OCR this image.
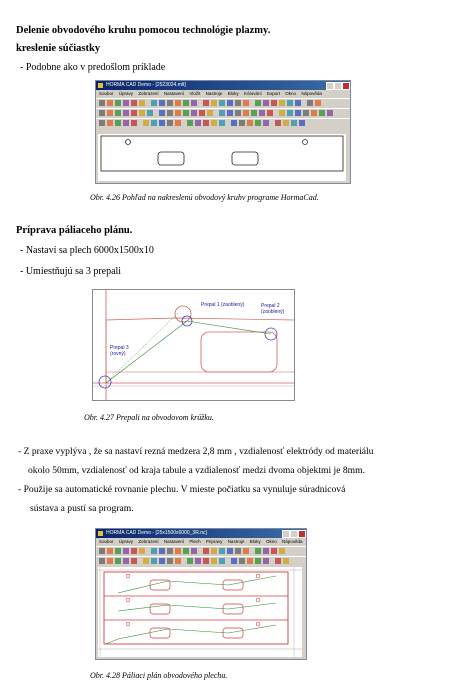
Delenie obvodového kruhu pomocou technológie plazmy.
kreslenie súčiastky
- Podobne ako v predošlom príklade
HORMA CAD Demo - [2523024.mlt]
Soubor Úpravy Zobrazení Nastavení Vložit Nastroje Bloky Kótování Export Okno Nápověda
Obr. 4.26 Pohľad na nakreslenú obvodový kruhv programe HormaCad.
Príprava páliaceho plánu.
- Nastaví sa plech 6000x1500x10
- Umiestňujú sa 3 prepali
Prepal 1 (zaoblený)	Prepal 2
(zaoblený)
Prepal 3
(rovný)
Obr. 4.27 Prepali na obvodovom krúžku.
- Z praxe vyplýva , že sa nastaví rezná medzera 2,8 mm , vzdialenosť elektródy od materiálu
okolo 50mm, vzdialenosť od kraja tabule a vzdialenosť medzi dvoma objektmi je 8mm.
- Použije sa automatické rovnanie plechu. V mieste počiatku sa vynuluje súradnicová
sústava a pustí sa program.
HORMA CAD Demo - [25x1500x6000_3R.nc]
Soubor Úpravy Zobrazení Nastavení Plech Pripravy Nastroje Bloky Okno Nápověda
Obr. 4.28 Páliaci plán obvodového plechu.
